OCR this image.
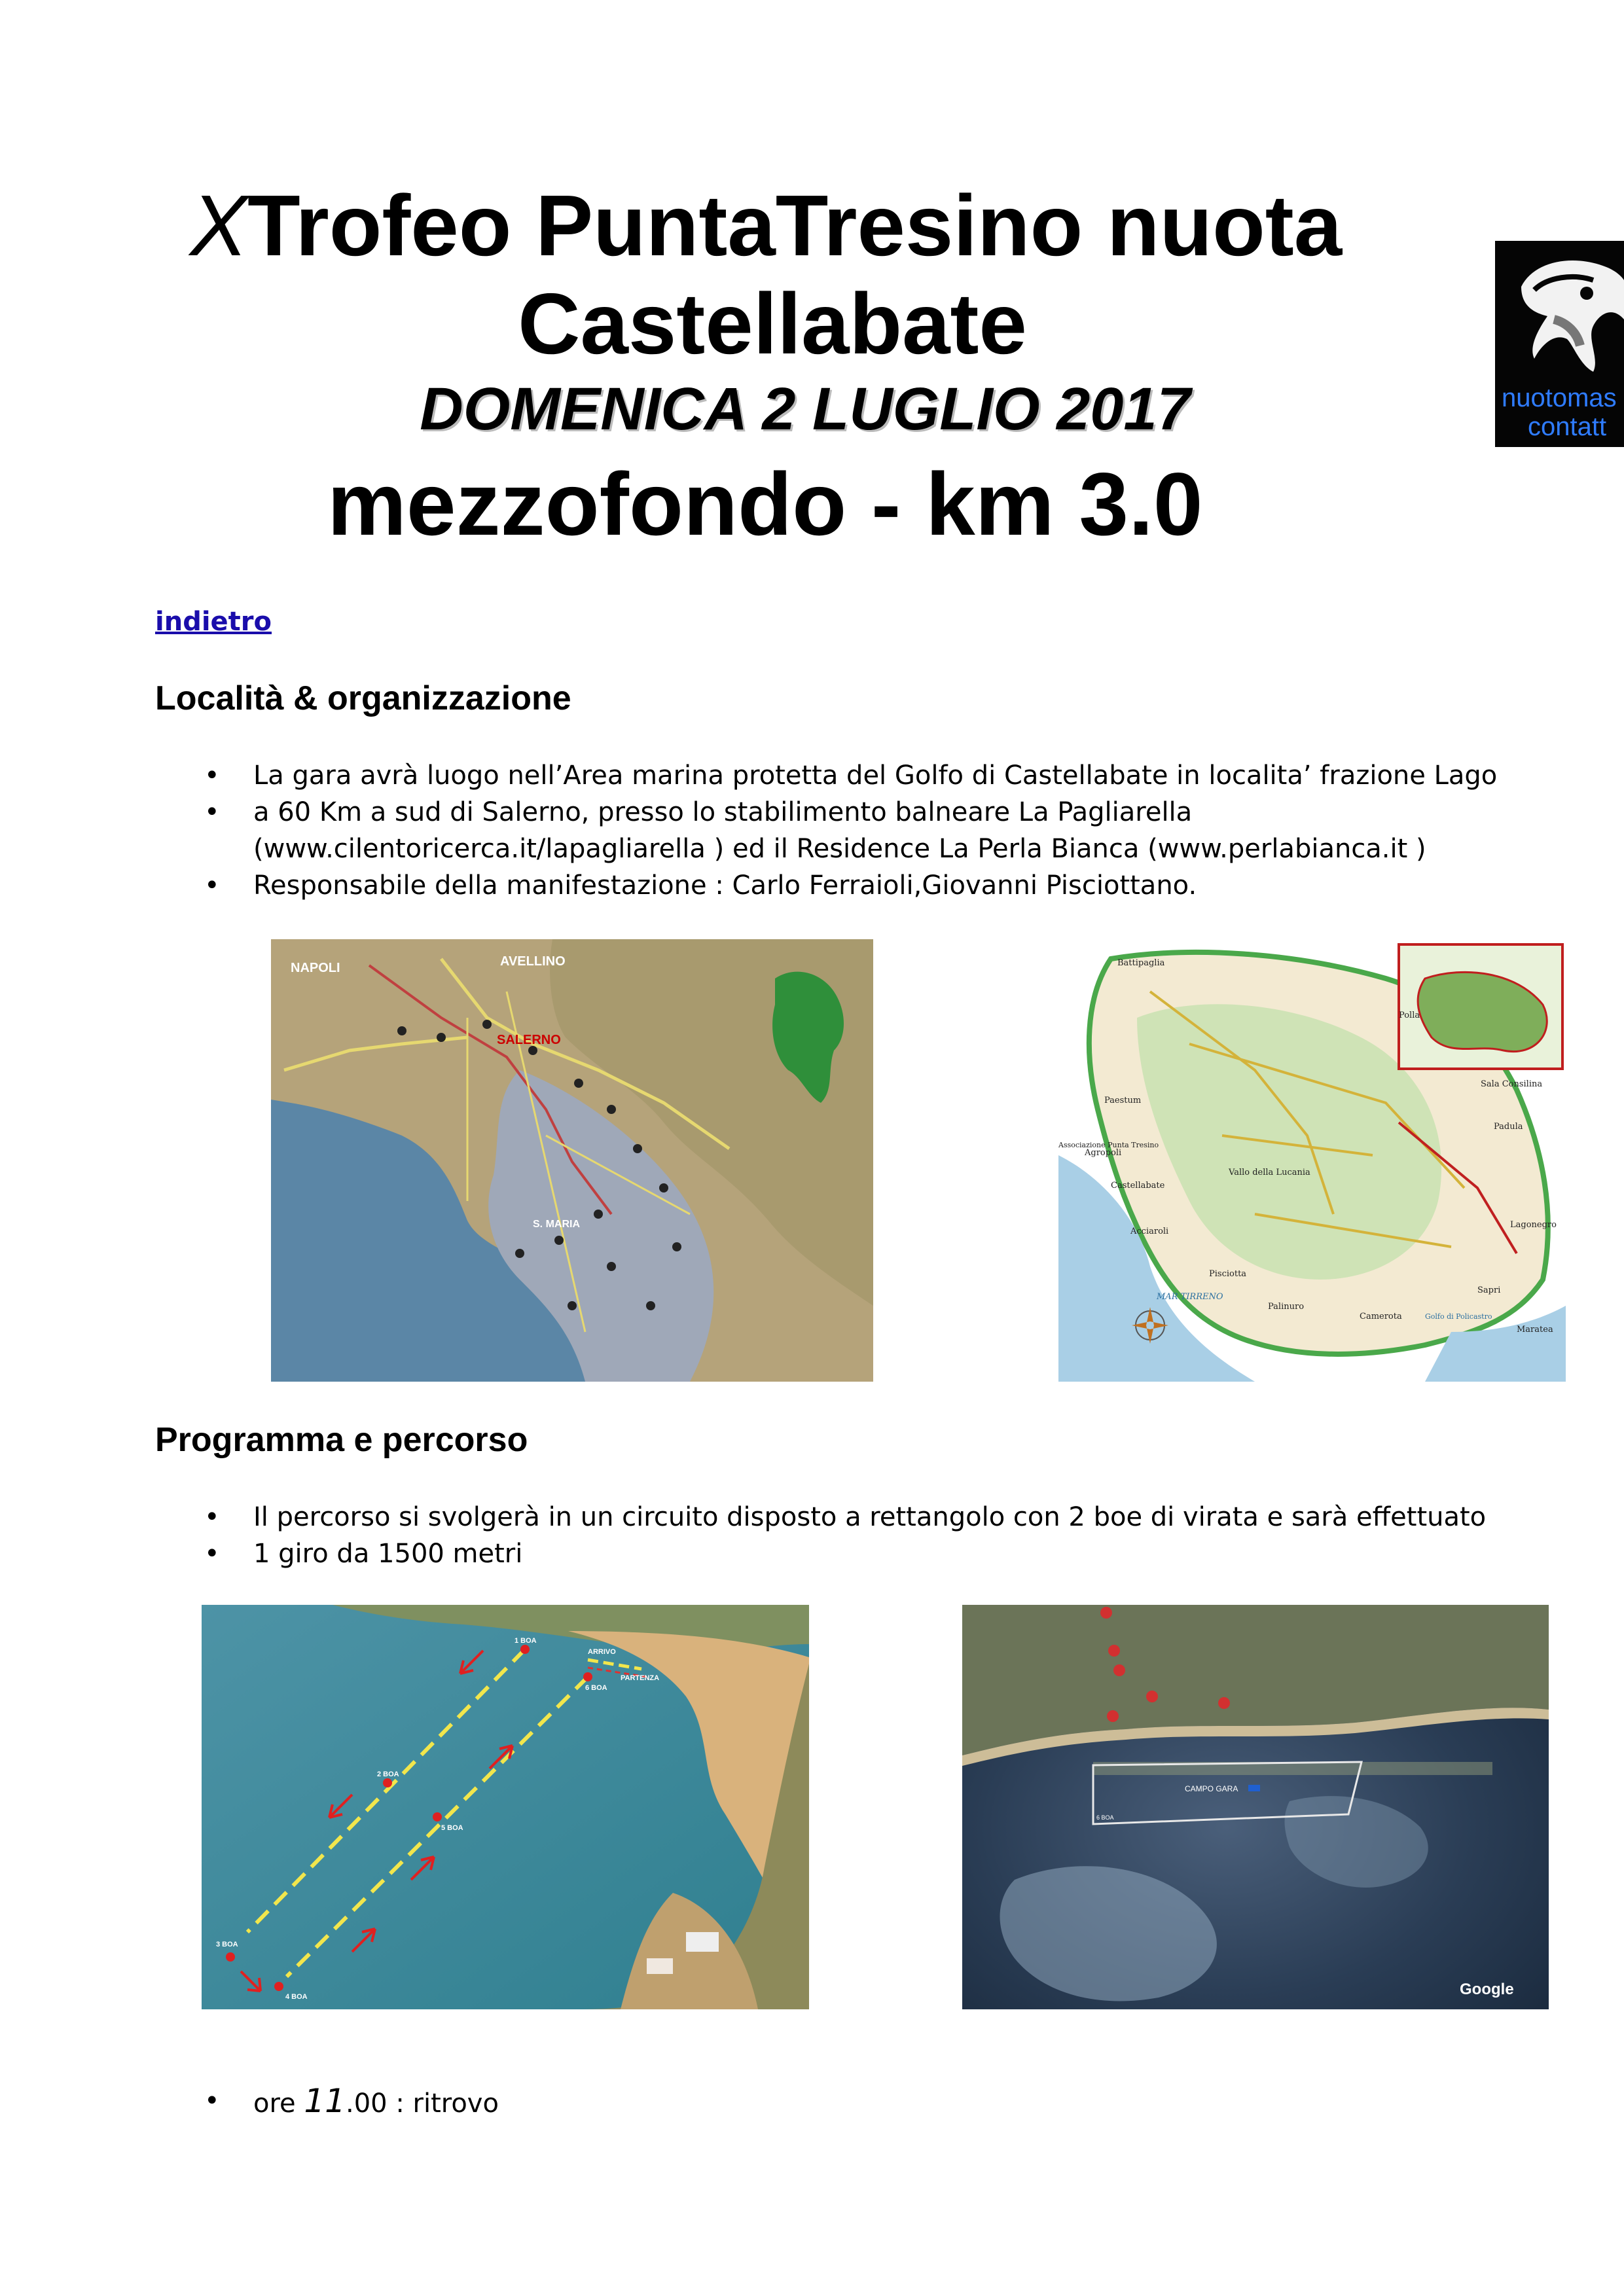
XTrofeo PuntaTresino nuota
Castellabate
DOMENICA 2 LUGLIO 2017
mezzofondo - km 3.0
nuotomas
contatt
indietro
Località & organizzazione
• La gara avrà luogo nell’Area marina protetta del Golfo di Castellabate in localita’ frazione Lago
• a 60 Km a sud di Salerno, presso lo stabilimento balneare La Pagliarella
(www.cilentoricerca.it/lapagliarella ) ed il Residence La Perla Bianca (www.perlabianca.it )
• Responsabile della manifestazione : Carlo Ferraioli,Giovanni Pisciottano.
NAPOLI	AVELLINO
SALERNO
S. MARIA
Battipaglia
Paestum
Agropoli
Castellabate
Associazione Punta Tresino
Polla
Sala Consilina
Padula
Sapri
Maratea
MAR TIRRENO
Golfo di Policastro
Camerota
Palinuro
Pisciotta
Acciaroli
Vallo della Lucania
Lagonegro
Programma e percorso
• Il percorso si svolgerà in un circuito disposto a rettangolo con 2 boe di virata e sarà effettuato
• 1 giro da 1500 metri
1 BOA
ARRIVO
PARTENZA
6 BOA
2 BOA
5 BOA
3 BOA
4 BOA
CAMPO GARA
6 BOA
Google
• ore 11.00 : ritrovo
